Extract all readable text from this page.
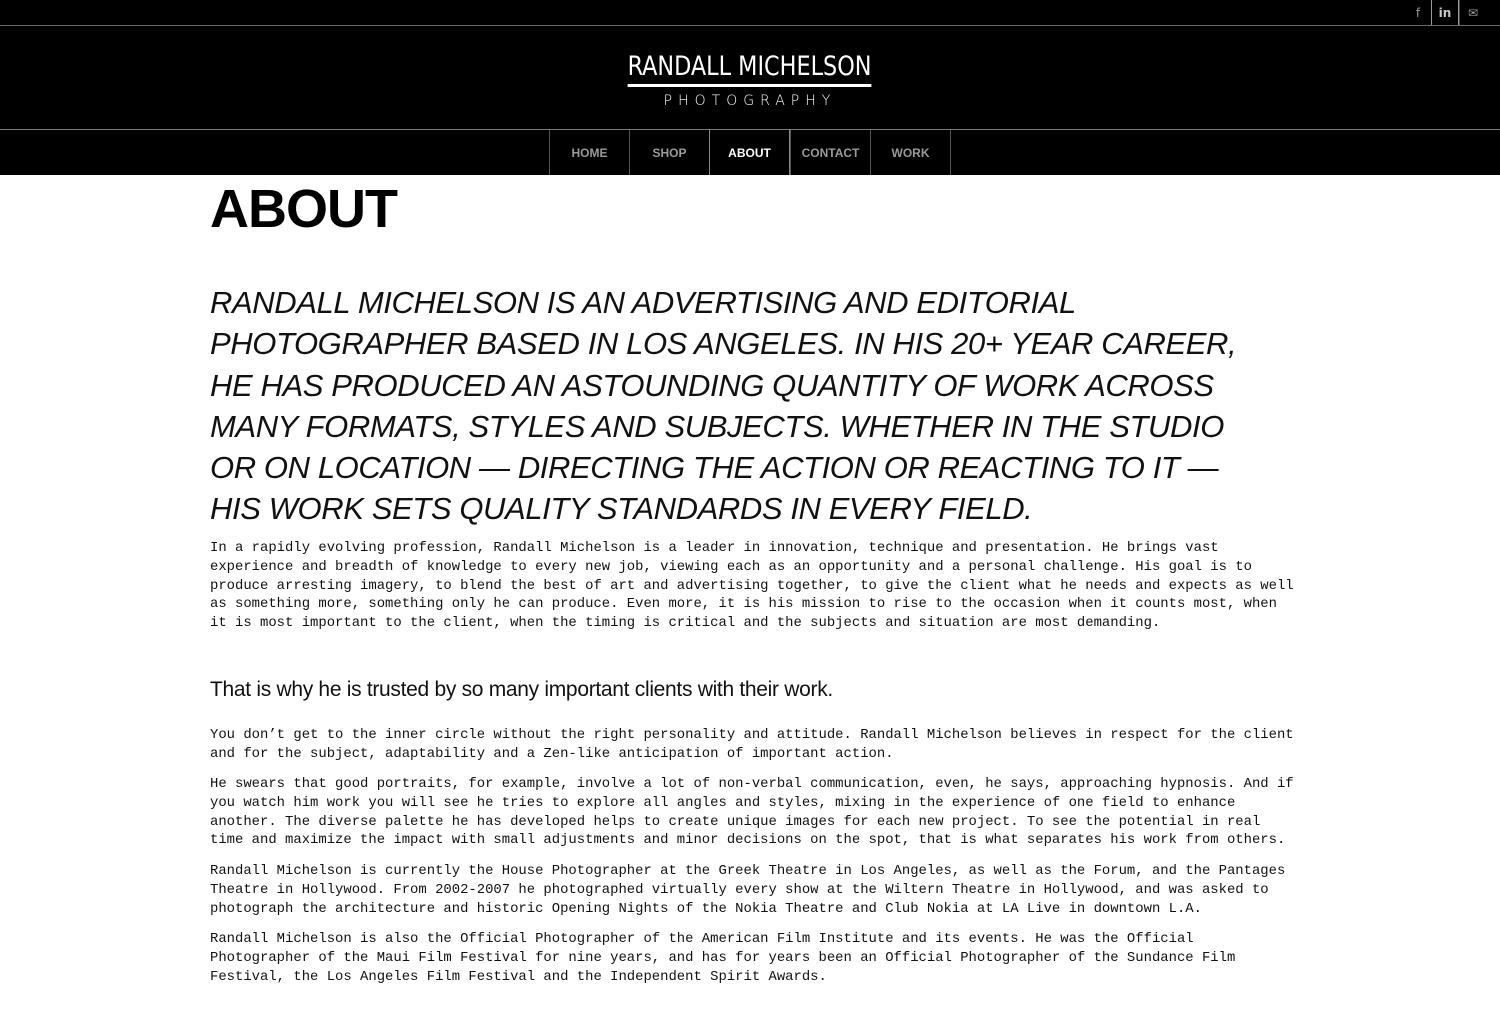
f	in	✉
RANDALL MICHELSON
PHOTOGRAPHY
HOME	SHOP	ABOUT	CONTACT	WORK
ABOUT

RANDALL MICHELSON IS AN ADVERTISING AND EDITORIAL PHOTOGRAPHER BASED IN LOS ANGELES. IN HIS 20+ YEAR CAREER, HE HAS PRODUCED AN ASTOUNDING QUANTITY OF WORK ACROSS MANY FORMATS, STYLES AND SUBJECTS. WHETHER IN THE STUDIO OR ON LOCATION — DIRECTING THE ACTION OR REACTING TO IT — HIS WORK SETS QUALITY STANDARDS IN EVERY FIELD.

In a rapidly evolving profession, Randall Michelson is a leader in innovation, technique and presentation. He brings vast experience and breadth of knowledge to every new job, viewing each as an opportunity and a personal challenge. His goal is to produce arresting imagery, to blend the best of art and advertising together, to give the client what he needs and expects as well as something more, something only he can produce. Even more, it is his mission to rise to the occasion when it counts most, when it is most important to the client, when the timing is critical and the subjects and situation are most demanding.

That is why he is trusted by so many important clients with their work.

You don’t get to the inner circle without the right personality and attitude. Randall Michelson believes in respect for the client and for the subject, adaptability and a Zen-like anticipation of important action.

He swears that good portraits, for example, involve a lot of non-verbal communication, even, he says, approaching hypnosis. And if you watch him work you will see he tries to explore all angles and styles, mixing in the experience of one field to enhance another. The diverse palette he has developed helps to create unique images for each new project. To see the potential in real time and maximize the impact with small adjustments and minor decisions on the spot, that is what separates his work from others.

Randall Michelson is currently the House Photographer at the Greek Theatre in Los Angeles, as well as the Forum, and the Pantages Theatre in Hollywood. From 2002-2007 he photographed virtually every show at the Wiltern Theatre in Hollywood, and was asked to photograph the architecture and historic Opening Nights of the Nokia Theatre and Club Nokia at LA Live in downtown L.A.

Randall Michelson is also the Official Photographer of the American Film Institute and its events. He was the Official Photographer of the Maui Film Festival for nine years, and has for years been an Official Photographer of the Sundance Film Festival, the Los Angeles Film Festival and the Independent Spirit Awards.
